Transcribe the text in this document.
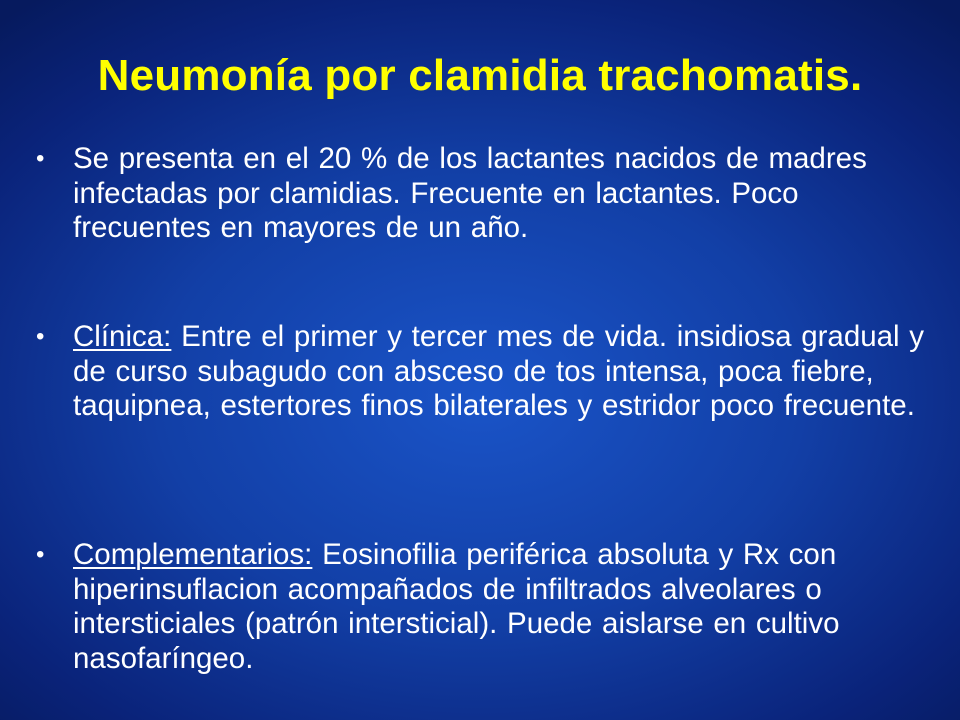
Neumonía por clamidia trachomatis.
• Se presenta en el 20 % de los lactantes nacidos de madres infectadas por clamidias. Frecuente en lactantes. Poco frecuentes en mayores de un año.
• Clínica: Entre el primer y tercer mes de vida. insidiosa gradual y de curso subagudo con absceso de tos intensa, poca fiebre, taquipnea, estertores finos bilaterales y estridor poco frecuente.
• Complementarios: Eosinofilia periférica absoluta y Rx con hiperinsuflacion acompañados de infiltrados alveolares o intersticiales (patrón intersticial). Puede aislarse en cultivo nasofaríngeo.
